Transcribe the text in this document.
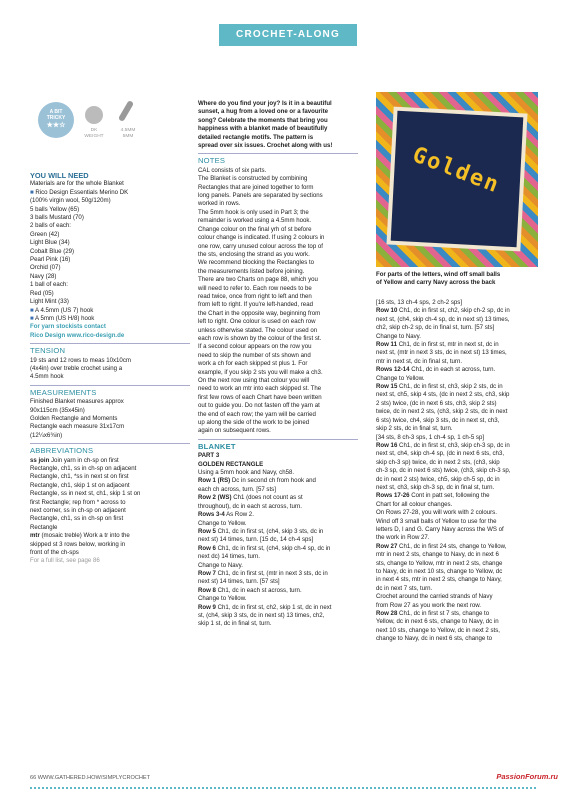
CROCHET-ALONG
A BIT
TRICKY
★★☆
DK
WEIGHT
4.5MM
5MM
YOU WILL NEED
Materials are for the whole Blanket
■ Rico Design Essentials Merino DK
(100% virgin wool, 50g/120m)
5 balls Yellow (65)
3 balls Mustard (70)
2 balls of each:
Green (42)
Light Blue (34)
Cobalt Blue (29)
Pearl Pink (16)
Orchid (07)
Navy (28)
1 ball of each:
Red (05)
Light Mint (33)
■ A 4.5mm (US 7) hook
■ A 5mm (US H/8) hook
For yarn stockists contact
Rico Design www.rico-design.de
TENSION
19 sts and 12 rows to meas 10x10cm
(4x4in) over treble crochet using a
4.5mm hook
MEASUREMENTS
Finished Blanket measures approx
90x115cm (35x45in)
Golden Rectangle and Moments
Rectangle each measure 31x17cm
(12¼x6¾in)
ABBREVIATIONS
ss join Join yarn in ch-sp on first
Rectangle, ch1, ss in ch-sp on adjacent
Rectangle, ch1, *ss in next st on first
Rectangle, ch1, skip 1 st on adjacent
Rectangle, ss in next st, ch1, skip 1 st on
first Rectangle; rep from * across to
next corner, ss in ch-sp on adjacent
Rectangle, ch1, ss in ch-sp on first
Rectangle
mtr (mosaic treble) Work a tr into the
skipped st 3 rows below, working in
front of the ch-sps
For a full list, see page 86
Where do you find your joy? Is it in a beautiful
sunset, a hug from a loved one or a favourite
song? Celebrate the moments that bring you
happiness with a blanket made of beautifully
detailed rectangle motifs. The pattern is
spread over six issues. Crochet along with us!
NOTES
CAL consists of six parts.
The Blanket is constructed by combining
Rectangles that are joined together to form
long panels. Panels are separated by sections
worked in rows.
The 5mm hook is only used in Part 3; the
remainder is worked using a 4.5mm hook.
Change colour on the final yrh of st before
colour change is indicated. If using 2 colours in
one row, carry unused colour across the top of
the sts, enclosing the strand as you work.
We recommend blocking the Rectangles to
the measurements listed before joining.
There are two Charts on page 88, which you
will need to refer to. Each row needs to be
read twice, once from right to left and then
from left to right. If you're left-handed, read
the Chart in the opposite way, beginning from
left to right. One colour is used on each row
unless otherwise stated. The colour used on
each row is shown by the colour of the first st.
If a second colour appears on the row you
need to skip the number of sts shown and
work a ch for each skipped st plus 1. For
example, if you skip 2 sts you will make a ch3.
On the next row using that colour you will
need to work an mtr into each skipped st. The
first few rows of each Chart have been written
out to guide you. Do not fasten off the yarn at
the end of each row; the yarn will be carried
up along the side of the work to be joined
again on subsequent rows.
BLANKET
PART 3
GOLDEN RECTANGLE
Using a 5mm hook and Navy, ch58.
Row 1 (RS) Dc in second ch from hook and
each ch across, turn. [57 sts]
Row 2 (WS) Ch1 (does not count as st
throughout), dc in each st across, turn.
Rows 3-4 As Row 2.
Change to Yellow.
Row 5 Ch1, dc in first st, (ch4, skip 3 sts, dc in
next st) 14 times, turn. [15 dc, 14 ch-4 sps]
Row 6 Ch1, dc in first st, (ch4, skip ch-4 sp, dc in
next dc) 14 times, turn.
Change to Navy.
Row 7 Ch1, dc in first st, (mtr in next 3 sts, dc in
next st) 14 times, turn. [57 sts]
Row 8 Ch1, dc in each st across, turn.
Change to Yellow.
Row 9 Ch1, dc in first st, ch2, skip 1 st, dc in next
st, (ch4, skip 3 sts, dc in next st) 13 times, ch2,
skip 1 st, dc in final st, turn.
Golden
For parts of the letters, wind off small balls
of Yellow and carry Navy across the back
[16 sts, 13 ch-4 sps, 2 ch-2 sps]
Row 10 Ch1, dc in first st, ch2, skip ch-2 sp, dc in
next st, (ch4, skip ch-4 sp, dc in next st) 13 times,
ch2, skip ch-2 sp, dc in final st, turn. [57 sts]
Change to Navy.
Row 11 Ch1, dc in first st, mtr in next st, dc in
next st, (mtr in next 3 sts, dc in next st) 13 times,
mtr in next st, dc in final st, turn.
Rows 12-14 Ch1, dc in each st across, turn.
Change to Yellow.
Row 15 Ch1, dc in first st, ch3, skip 2 sts, dc in
next st, ch5, skip 4 sts, (dc in next 2 sts, ch3, skip
2 sts) twice, (dc in next 6 sts, ch3, skip 2 sts)
twice, dc in next 2 sts, (ch3, skip 2 sts, dc in next
6 sts) twice, ch4, skip 3 sts, dc in next st, ch3,
skip 2 sts, dc in final st, turn.
[34 sts, 8 ch-3 sps, 1 ch-4 sp, 1 ch-5 sp]
Row 16 Ch1, dc in first st, ch3, skip ch-3 sp, dc in
next st, ch4, skip ch-4 sp, (dc in next 6 sts, ch3,
skip ch-3 sp) twice, dc in next 2 sts, (ch3, skip
ch-3 sp, dc in next 6 sts) twice, (ch3, skip ch-3 sp,
dc in next 2 sts) twice, ch5, skip ch-5 sp, dc in
next st, ch3, skip ch-3 sp, dc in final st, turn.
Rows 17-26 Cont in patt set, following the
Chart for all colour changes.
On Rows 27-28, you will work with 2 colours.
Wind off 3 small balls of Yellow to use for the
letters D, l and G. Carry Navy across the WS of
the work in Row 27.
Row 27 Ch1, dc in first 24 sts, change to Yellow,
mtr in next 2 sts, change to Navy, dc in next 6
sts, change to Yellow, mtr in next 2 sts, change
to Navy, dc in next 10 sts, change to Yellow, dc
in next 4 sts, mtr in next 2 sts, change to Navy,
dc in next 7 sts, turn.
Crochet around the carried strands of Navy
from Row 27 as you work the next row.
Row 28 Ch1, dc in first st 7 sts, change to
Yellow, dc in next 6 sts, change to Navy, dc in
next 10 sts, change to Yellow, dc in next 2 sts,
change to Navy, dc in next 6 sts, change to
66 WWW.GATHERED.HOW/SIMPLYCROCHET	PassionForum.ru
